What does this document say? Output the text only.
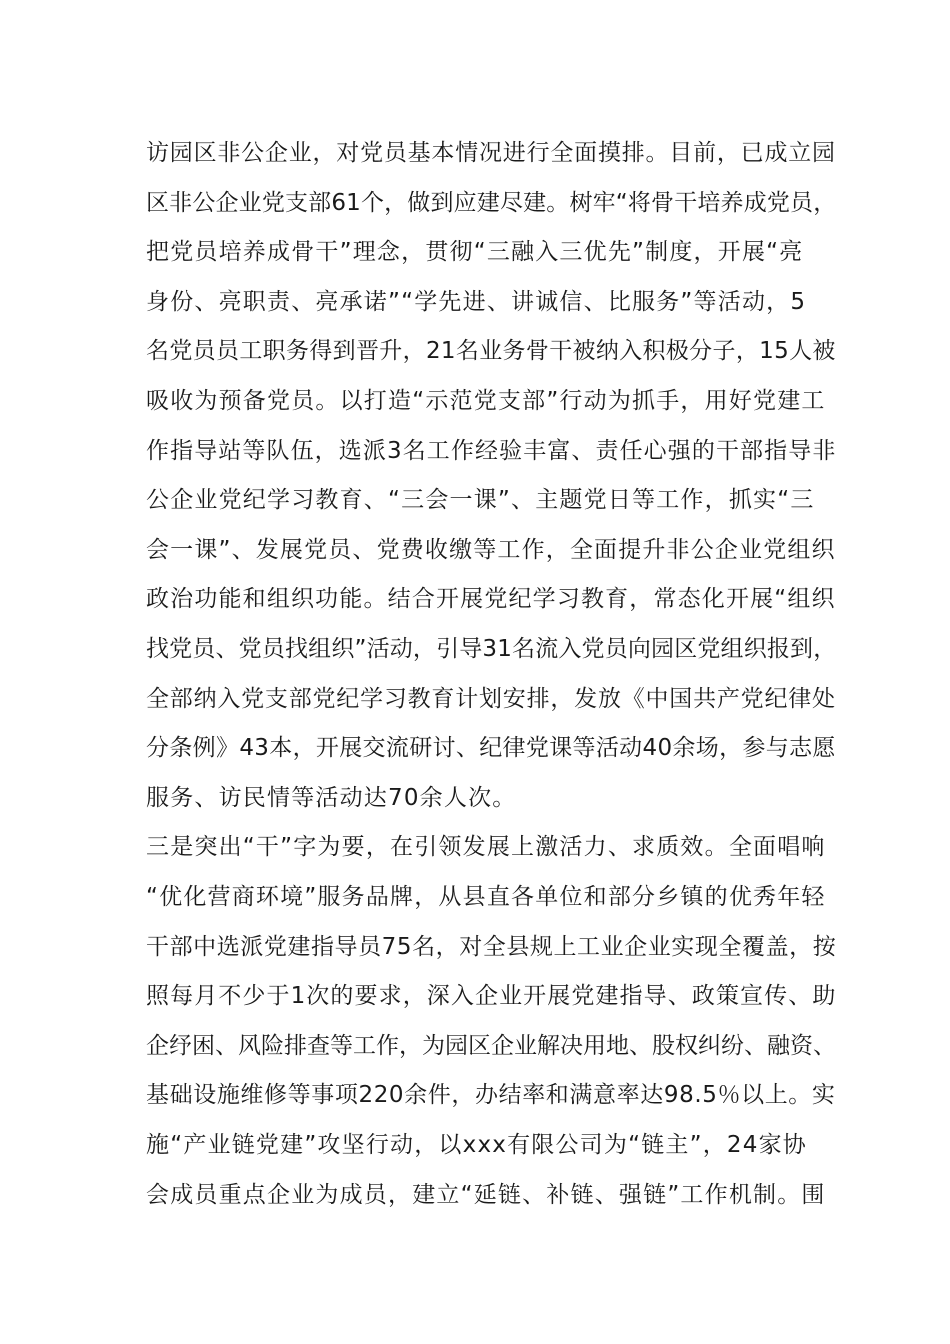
访园区非公企业，对党员基本情况进行全面摸排。目前，已成立园
区非公企业党支部61个，做到应建尽建。树牢“将骨干培养成党员，
把党员培养成骨干”理念，贯彻“三融入三优先”制度，开展“亮
身份、亮职责、亮承诺”“学先进、讲诚信、比服务”等活动，5
名党员员工职务得到晋升，21名业务骨干被纳入积极分子，15人被
吸收为预备党员。以打造“示范党支部”行动为抓手，用好党建工
作指导站等队伍，选派3名工作经验丰富、责任心强的干部指导非
公企业党纪学习教育、“三会一课”、主题党日等工作，抓实“三
会一课”、发展党员、党费收缴等工作，全面提升非公企业党组织
政治功能和组织功能。结合开展党纪学习教育，常态化开展“组织
找党员、党员找组织”活动，引导31名流入党员向园区党组织报到，
全部纳入党支部党纪学习教育计划安排，发放《中国共产党纪律处
分条例》43本，开展交流研讨、纪律党课等活动40余场，参与志愿
服务、访民情等活动达70余人次。
三是突出“干”字为要，在引领发展上激活力、求质效。全面唱响
“优化营商环境”服务品牌，从县直各单位和部分乡镇的优秀年轻
干部中选派党建指导员75名，对全县规上工业企业实现全覆盖，按
照每月不少于1次的要求，深入企业开展党建指导、政策宣传、助
企纾困、风险排查等工作，为园区企业解决用地、股权纠纷、融资、
基础设施维修等事项220余件，办结率和满意率达98.5％以上。实
施“产业链党建”攻坚行动，以xxx有限公司为“链主”，24家协
会成员重点企业为成员，建立“延链、补链、强链”工作机制。围
